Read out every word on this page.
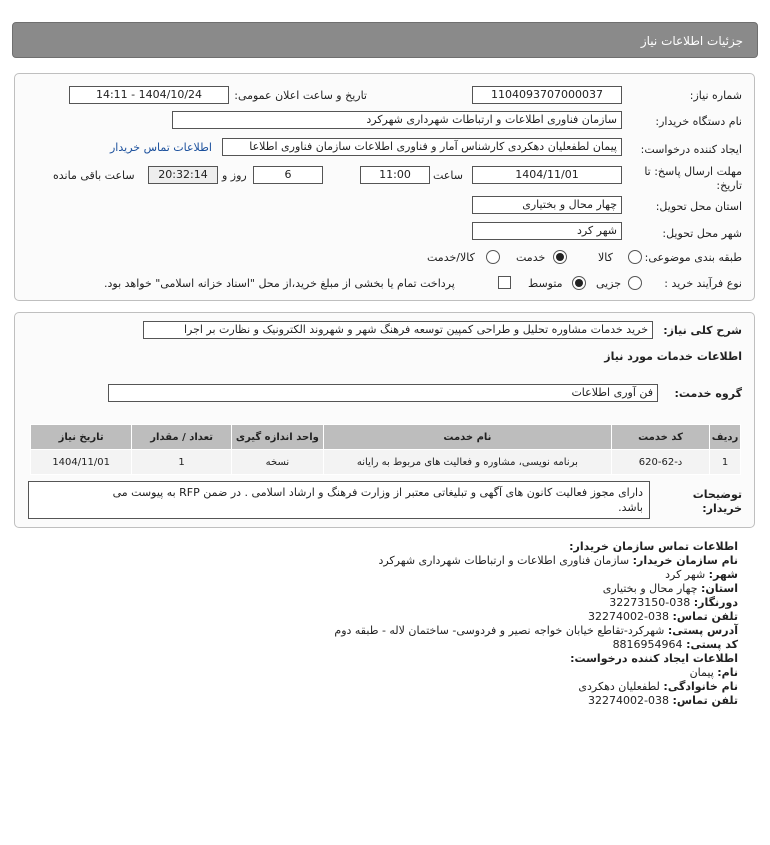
جزئیات اطلاعات نیاز
شماره نیاز:
1104093707000037
تاریخ و ساعت اعلان عمومی:
1404/10/24 - 14:11
نام دستگاه خریدار:
سازمان فناوری اطلاعات و ارتباطات شهرداری شهرکرد
ایجاد کننده درخواست:
پیمان لطفعلیان دهکردی کارشناس آمار و فناوری اطلاعات سازمان فناوری اطلاعا
اطلاعات تماس خریدار
مهلت ارسال پاسخ: تا
تاریخ:
1404/11/01
ساعت
11:00
6
روز و
20:32:14
ساعت باقی مانده
استان محل تحویل:
چهار محال و بختیاری
شهر محل تحویل:
شهر کرد
طبقه بندی موضوعی:
کالا
خدمت
کالا/خدمت
نوع فرآیند خرید :
جزیی
متوسط
پرداخت تمام یا بخشی از مبلغ خرید،از محل "اسناد خزانه اسلامی" خواهد بود.
شرح کلی نیاز:
خرید خدمات مشاوره تحلیل و طراحی کمپین توسعه فرهنگ شهر و شهروند الکترونیک و نظارت بر اجرا
اطلاعات خدمات مورد نیاز
گروه خدمت:
فن آوری اطلاعات
ردیف	کد خدمت	نام خدمت	واحد اندازه گیری	تعداد / مقدار	تاریخ نیاز
1	د-62-620	برنامه نویسی، مشاوره و فعالیت های مربوط به رایانه	نسخه	1	1404/11/01
توضیحات
خریدار:
دارای مجوز فعالیت کانون های آگهی و تبلیغاتی معتبر از وزارت فرهنگ و ارشاد اسلامی . در ضمن RFP به پیوست می
باشد.
اطلاعات تماس سازمان خریدار:
نام سازمان خریدار: سازمان فناوری اطلاعات و ارتباطات شهرداری شهرکرد
شهر: شهر کرد
استان: چهار محال و بختیاری
دورنگار: 038-32273150
تلفن تماس: 038-32274002
آدرس پستی: شهرکرد-تقاطع خیابان خواجه نصیر و فردوسی- ساختمان لاله - طبقه دوم
کد پستی: 8816954964
اطلاعات ایجاد کننده درخواست:
نام: پیمان
نام خانوادگی: لطفعلیان دهکردی
تلفن تماس: 038-32274002
